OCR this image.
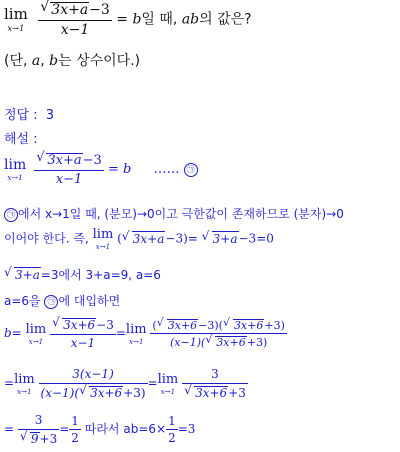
lim
x→1
√ $\frac{3x+a-3}{x-1} = b$일 때, ab의 값은?
(단, a, b는 상수이다.)
정답 : 3
해설 :
lim
x→1
√ $\frac{3x+a-3}{x-1} = b$ …… ㉠
㉠ 에서 x→1일 때, (분모)→0이고 극한값이 존재하므로 (분자)→0
이어야 한다. 즉, lim
x→1
( √ 3x+a−3)= √ 3+a−3=0
√ 3+a=3에서 3+a=9, a=6
a=6을 ㉠ 에 대입하면
b= lim
x→1
√ $\frac{3x+6-3}{x-1} = \lim$
x→1
$\frac{( √ 3x+6-3)( √ 3x+6+3)}{(x-1)( √ 3x+6+3)}$
= lim
x→1
$\frac{3(x-1)}{(x-1)( √ 3x+6+3)} = \lim$
x→1
3
√ 3x+6+3
= 3
√ $9+3 = \frac{1}{2}$ 따라서 $ab=6\times \frac{1}{2} =3$
